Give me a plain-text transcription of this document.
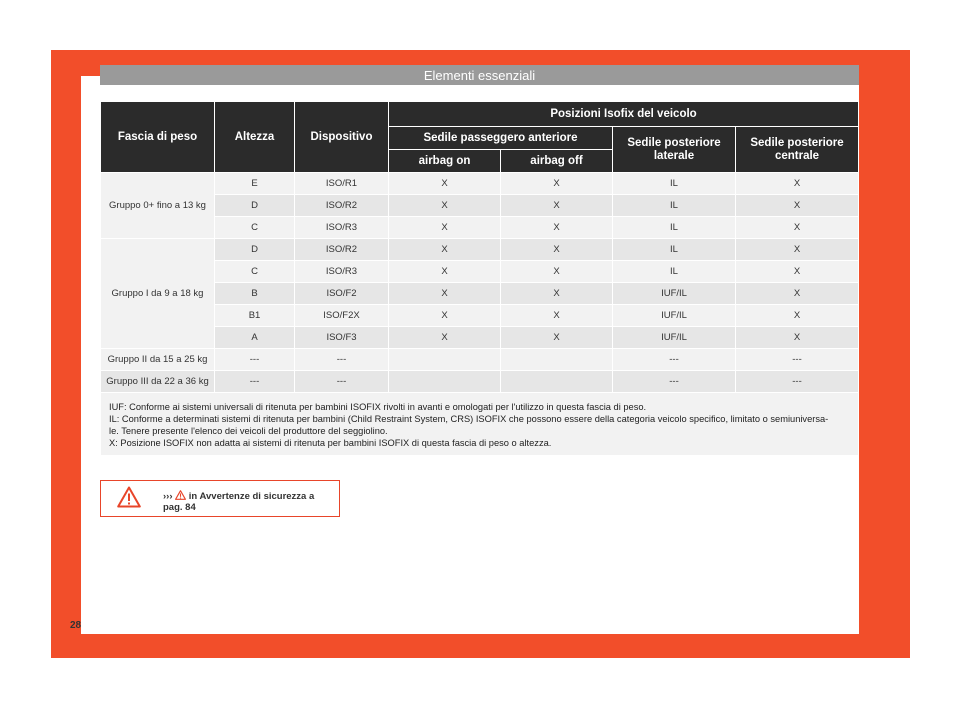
Elementi essenziali
Fascia di peso	Altezza	Dispositivo	Posizioni Isofix del veicolo			
			Sedile passeggero anteriore		Sedile posteriore laterale	Sedile posteriore centrale
			airbag on	airbag off		
Gruppo 0+ fino a 13 kg	E	ISO/R1	X	X	IL	X
	D	ISO/R2	X	X	IL	X
	C	ISO/R3	X	X	IL	X
Gruppo I da 9 a 18 kg	D	ISO/R2	X	X	IL	X
	C	ISO/R3	X	X	IL	X
	B	ISO/F2	X	X	IUF/IL	X
	B1	ISO/F2X	X	X	IUF/IL	X
	A	ISO/F3	X	X	IUF/IL	X
Gruppo II da 15 a 25 kg	---	---			---	---
Gruppo III da 22 a 36 kg	---	---			---	---

IUF: Conforme ai sistemi universali di ritenuta per bambini ISOFIX rivolti in avanti e omologati per l'utilizzo in questa fascia di peso.
IL: Conforme a determinati sistemi di ritenuta per bambini (Child Restraint System, CRS) ISOFIX che possono essere della categoria veicolo specifico, limitato o semiuniversa-
le. Tenere presente l'elenco dei veicoli del produttore del seggiolino.
X: Posizione ISOFIX non adatta ai sistemi di ritenuta per bambini ISOFIX di questa fascia di peso o altezza.						
››› in Avvertenze di sicurezza a pag. 84
28
